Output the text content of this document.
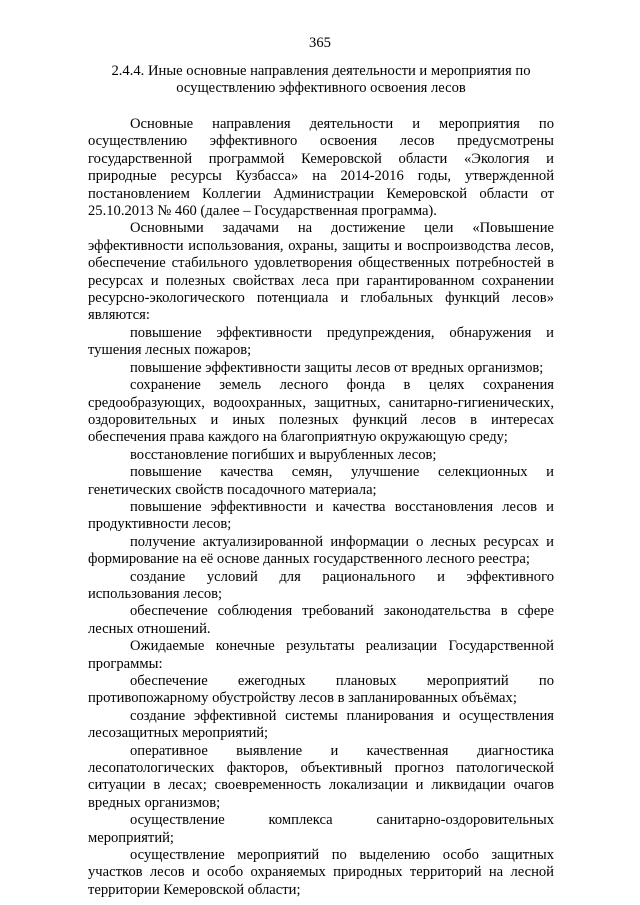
365
2.4.4. Иные основные направления деятельности и мероприятия по осуществлению эффективного освоения лесов

Основные направления деятельности и мероприятия по осуществлению эффективного освоения лесов предусмотрены государственной программой Кемеровской области «Экология и природные ресурсы Кузбасса» на 2014-2016 годы, утвержденной постановлением Коллегии Администрации Кемеровской области от 25.10.2013 № 460 (далее – Государственная программа).

Основными задачами на достижение цели «Повышение эффективности использования, охраны, защиты и воспроизводства лесов, обеспечение стабильного удовлетворения общественных потребностей в ресурсах и полезных свойствах леса при гарантированном сохранении ресурсно-экологического потенциала и глобальных функций лесов» являются:

повышение эффективности предупреждения, обнаружения и тушения лесных пожаров;

повышение эффективности защиты лесов от вредных организмов;

сохранение земель лесного фонда в целях сохранения средообразующих, водоохранных, защитных, санитарно-гигиенических, оздоровительных и иных полезных функций лесов в интересах обеспечения права каждого на благоприятную окружающую среду;

восстановление погибших и вырубленных лесов;

повышение качества семян, улучшение селекционных и генетических свойств посадочного материала;

повышение эффективности и качества восстановления лесов и продуктивности лесов;

получение актуализированной информации о лесных ресурсах и формирование на её основе данных государственного лесного реестра;

создание условий для рационального и эффективного использования лесов;

обеспечение соблюдения требований законодательства в сфере лесных отношений.

Ожидаемые конечные результаты реализации Государственной программы:

обеспечение ежегодных плановых мероприятий по противопожарному обустройству лесов в запланированных объёмах;

создание эффективной системы планирования и осуществления лесозащитных мероприятий;

оперативное выявление и качественная диагностика лесопатологических факторов, объективный прогноз патологической ситуации в лесах; своевременность локализации и ликвидации очагов вредных организмов;

осуществление комплекса санитарно-оздоровительных мероприятий;

осуществление мероприятий по выделению особо защитных участков лесов и особо охраняемых природных территорий на лесной территории Кемеровской области;
